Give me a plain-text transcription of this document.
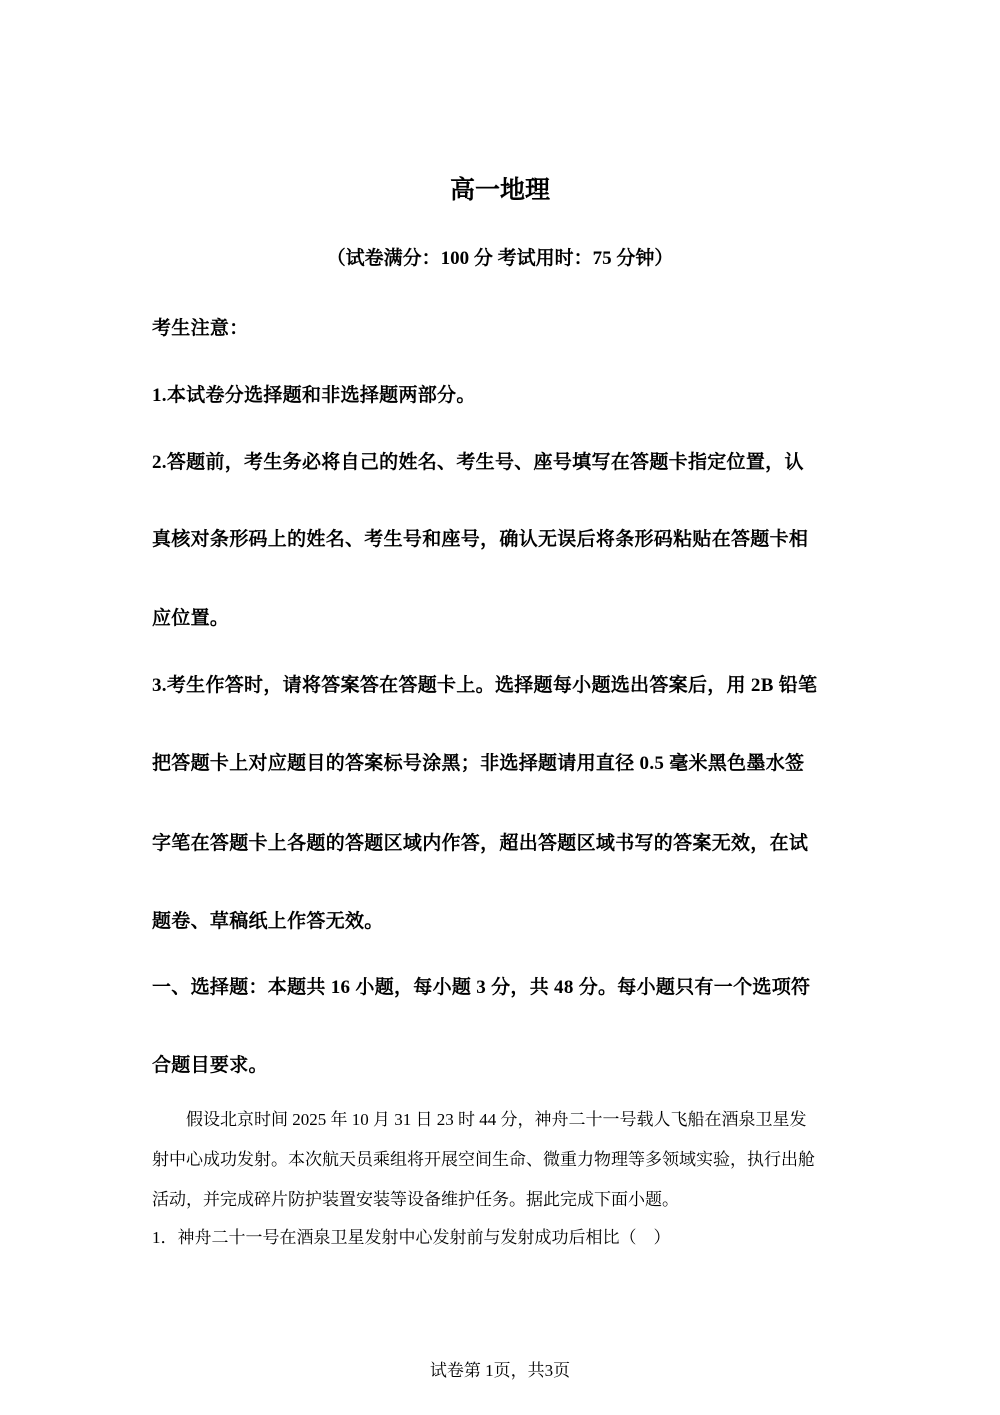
高一地理
（试卷满分：100 分 考试用时：75 分钟）
考生注意：
1.本试卷分选择题和非选择题两部分。
2.答题前，考生务必将自己的姓名、考生号、座号填写在答题卡指定位置，认
真核对条形码上的姓名、考生号和座号，确认无误后将条形码粘贴在答题卡相
应位置。
3.考生作答时，请将答案答在答题卡上。选择题每小题选出答案后，用 2B 铅笔
把答题卡上对应题目的答案标号涂黑；非选择题请用直径 0.5 毫米黑色墨水签
字笔在答题卡上各题的答题区域内作答，超出答题区域书写的答案无效，在试
题卷、草稿纸上作答无效。
一、选择题：本题共 16 小题，每小题 3 分，共 48 分。每小题只有一个选项符
合题目要求。
　　假设北京时间 2025 年 10 月 31 日 23 时 44 分，神舟二十一号载人飞船在酒泉卫星发
射中心成功发射。本次航天员乘组将开展空间生命、微重力物理等多领域实验，执行出舱
活动，并完成碎片防护装置安装等设备维护任务。据此完成下面小题。
1．神舟二十一号在酒泉卫星发射中心发射前与发射成功后相比（　）
试卷第 1页，共3页
